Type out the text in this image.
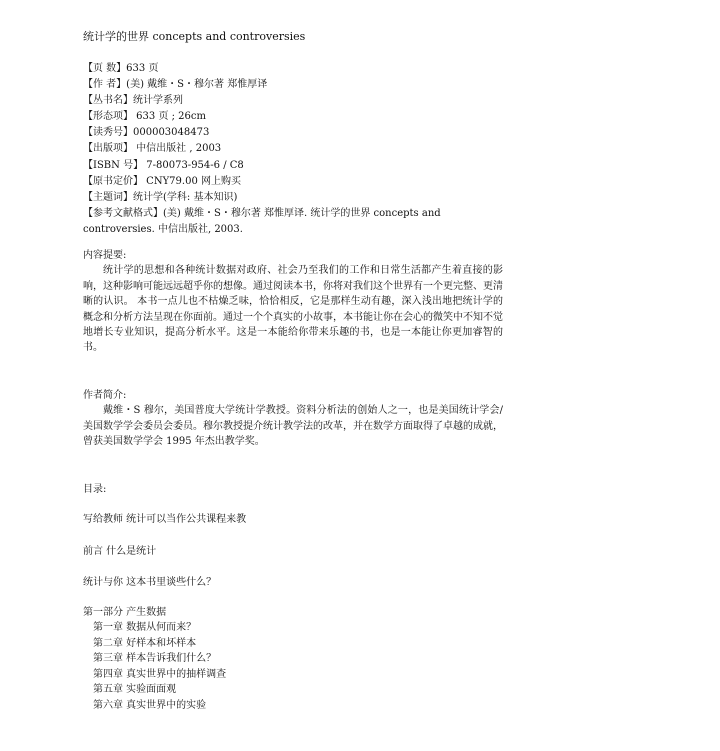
统计学的世界 concepts and controversies
【页 数】633 页
【作 者】(美) 戴维・S・穆尔著 郑惟厚译
【丛书名】统计学系列
【形态项】 633 页 ; 26cm
【读秀号】000003048473
【出版项】 中信出版社 , 2003
【ISBN 号】 7-80073-954-6 / C8
【原书定价】 CNY79.00 网上购买
【主题词】统计学(学科: 基本知识)
【参考文献格式】(美) 戴维・S・穆尔著 郑惟厚译. 统计学的世界 concepts and controversies. 中信出版社, 2003.
内容提要:

统计学的思想和各种统计数据对政府、社会乃至我们的工作和日常生活都产生着直接的影响，这种影响可能远远超乎你的想像。通过阅读本书，你将对我们这个世界有一个更完整、更清晰的认识。 本书一点儿也不枯燥乏味，恰恰相反，它是那样生动有趣，深入浅出地把统计学的概念和分析方法呈现在你面前。通过一个个真实的小故事，本书能让你在会心的微笑中不知不觉地增长专业知识，提高分析水平。这是一本能给你带来乐趣的书，也是一本能让你更加睿智的书。

作者简介:

戴维・S 穆尔，美国普度大学统计学教授。资料分析法的创始人之一，也是美国统计学会/美国数学学会委员会委员。穆尔教授提介统计教学法的改革，并在数学方面取得了卓越的成就，曾获美国数学学会 1995 年杰出教学奖。

目录:
写给教师 统计可以当作公共课程来教
前言 什么是统计
统计与你 这本书里谈些什么？
第一部分 产生数据
第一章 数据从何而来？
第二章 好样本和坏样本
第三章 样本告诉我们什么？
第四章 真实世界中的抽样调查
第五章 实验面面观
第六章 真实世界中的实验
